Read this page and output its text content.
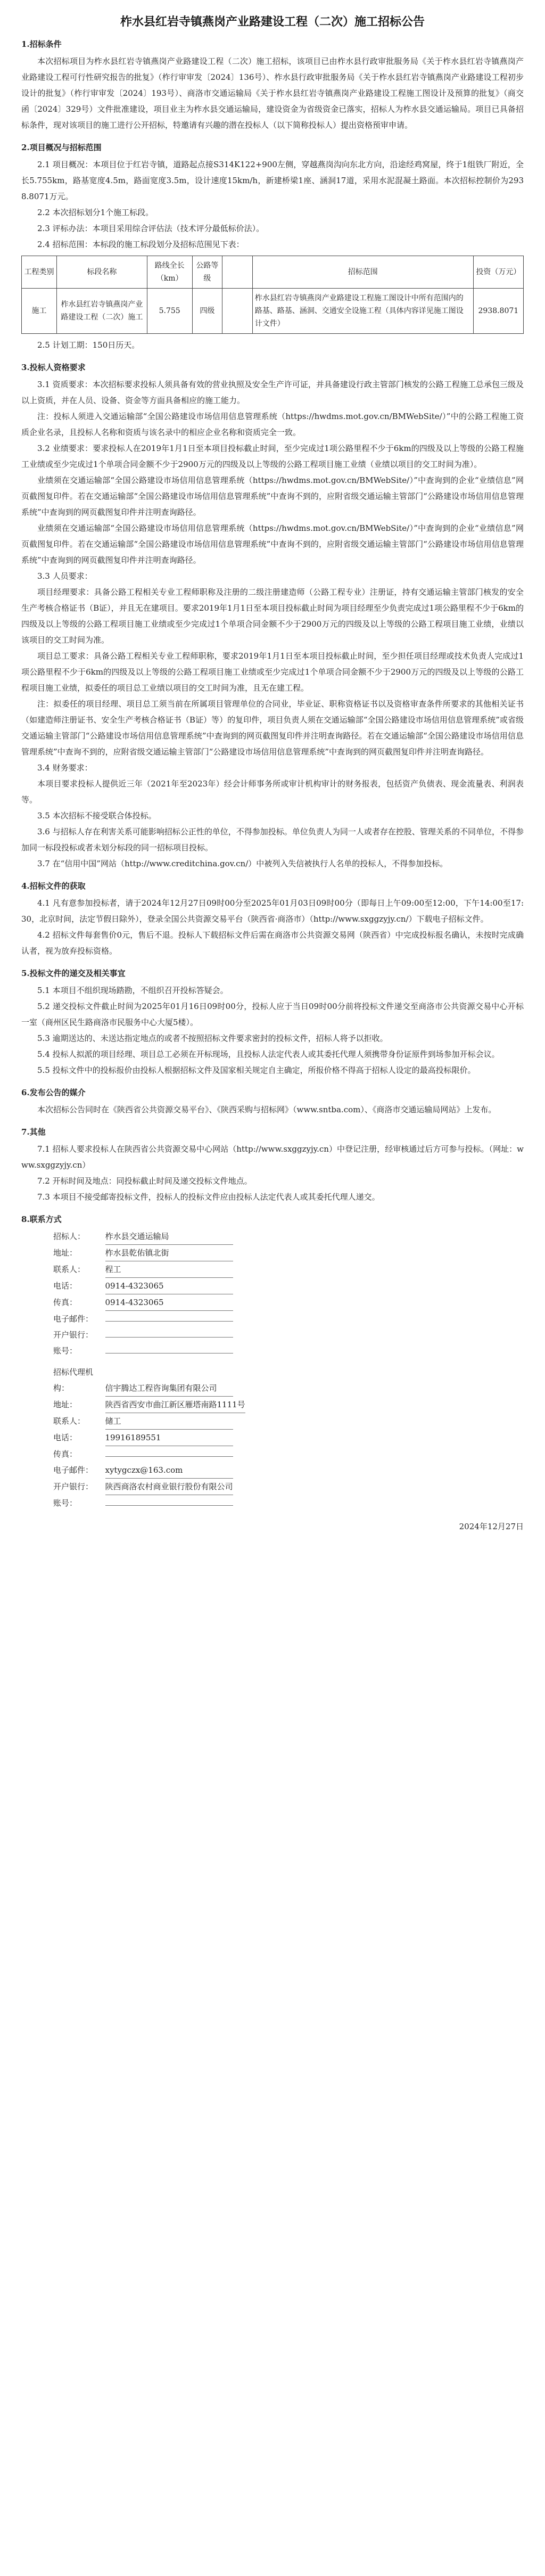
柞水县红岩寺镇燕岗产业路建设工程（二次）施工招标公告
1.招标条件

本次招标项目为柞水县红岩寺镇燕岗产业路建设工程（二次）施工招标，该项目已由柞水县行政审批服务局《关于柞水县红岩寺镇燕岗产业路建设工程可行性研究报告的批复》（柞行审审发〔2024〕136号）、柞水县行政审批服务局《关于柞水县红岩寺镇燕岗产业路建设工程初步设计的批复》（柞行审审发〔2024〕193号）、商洛市交通运输局《关于柞水县红岩寺镇燕岗产业路建设工程施工图设计及预算的批复》（商交函〔2024〕329号）文件批准建设，项目业主为柞水县交通运输局，建设资金为省级资金已落实，招标人为柞水县交通运输局。项目已具备招标条件，现对该项目的施工进行公开招标，特邀请有兴趣的潜在投标人（以下简称投标人）提出资格预审申请。

2.项目概况与招标范围

2.1 项目概况：本项目位于红岩寺镇，道路起点接S314K122+900左侧，穿越燕岗沟向东北方向，沿途经鸡窝屋，终于1组铁厂附近，全长5.755km，路基宽度4.5m，路面宽度3.5m，设计速度15km/h，新建桥梁1座、涵洞17道，采用水泥混凝土路面。本次招标控制价为2938.8071万元。

2.2 本次招标划分1个施工标段。

2.3 评标办法：本项目采用综合评估法（技术评分最低标价法）。

2.4 招标范围：本标段的施工标段划分及招标范围见下表：

工程类别	标段名称	路线全长（km）	公路等级		招标范围	投资（万元）
施工	柞水县红岩寺镇燕岗产业路建设工程（二次）施工	5.755	四级		柞水县红岩寺镇燕岗产业路建设工程施工图设计中所有范围内的路基、路基、涵洞、交通安全设施工程（具体内容详见施工图设计文件）	2938.8071

2.5 计划工期：150日历天。

3.投标人资格要求

3.1 资质要求：本次招标要求投标人须具备有效的营业执照及安全生产许可证，并具备建设行政主管部门核发的公路工程施工总承包三级及以上资质，并在人员、设备、资金等方面具备相应的施工能力。

注：投标人须进入交通运输部“全国公路建设市场信用信息管理系统（https://hwdms.mot.gov.cn/BMWebSite/）”中的公路工程施工资质企业名录，且投标人名称和资质与该名录中的相应企业名称和资质完全一致。

3.2 业绩要求：要求投标人在2019年1月1日至本项目投标截止时间，至少完成过1项公路里程不少于6km的四级及以上等级的公路工程施工业绩或至少完成过1个单项合同金额不少于2900万元的四级及以上等级的公路工程项目施工业绩（业绩以项目的交工时间为准）。

业绩须在交通运输部“全国公路建设市场信用信息管理系统（https://hwdms.mot.gov.cn/BMWebSite/）”中查询到的企业“业绩信息”网页截图复印件。若在交通运输部“全国公路建设市场信用信息管理系统”中查询不到的，应附省级交通运输主管部门“公路建设市场信用信息管理系统”中查询到的网页截图复印件并注明查询路径。

业绩须在交通运输部“全国公路建设市场信用信息管理系统（https://hwdms.mot.gov.cn/BMWebSite/）”中查询到的企业“业绩信息”网页截图复印件。若在交通运输部“全国公路建设市场信用信息管理系统”中查询不到的，应附省级交通运输主管部门“公路建设市场信用信息管理系统”中查询到的网页截图复印件并注明查询路径。

3.3 人员要求：

项目经理要求：具备公路工程相关专业工程师职称及注册的二级注册建造师（公路工程专业）注册证，持有交通运输主管部门核发的安全生产考核合格证书（B证），并且无在建项目。要求2019年1月1日至本项目投标截止时间为项目经理至少负责完成过1项公路里程不少于6km的四级及以上等级的公路工程项目施工业绩或至少完成过1个单项合同金额不少于2900万元的四级及以上等级的公路工程项目施工业绩，业绩以该项目的交工时间为准。

项目总工要求：具备公路工程相关专业工程师职称，要求2019年1月1日至本项目投标截止时间，至少担任项目经理或技术负责人完成过1项公路里程不少于6km的四级及以上等级的公路工程项目施工业绩或至少完成过1个单项合同金额不少于2900万元的四级及以上等级的公路工程项目施工业绩，拟委任的项目总工业绩以项目的交工时间为准，且无在建工程。

注：拟委任的项目经理、项目总工须当前在所属项目管理单位的合同业，毕业证、职称资格证书以及资格审查条件所要求的其他相关证书（如建造师注册证书、安全生产考核合格证书（B证）等）的复印件，项目负责人须在交通运输部“全国公路建设市场信用信息管理系统”或省级交通运输主管部门“公路建设市场信用信息管理系统”中查询到的网页截图复印件并注明查询路径。若在交通运输部“全国公路建设市场信用信息管理系统”中查询不到的，应附省级交通运输主管部门“公路建设市场信用信息管理系统”中查询到的网页截图复印件并注明查询路径。

3.4 财务要求：

本项目要求投标人提供近三年（2021年至2023年）经会计师事务所或审计机构审计的财务报表，包括资产负债表、现金流量表、利润表等。

3.5 本次招标不接受联合体投标。

3.6 与招标人存在利害关系可能影响招标公正性的单位，不得参加投标。单位负责人为同一人或者存在控股、管理关系的不同单位，不得参加同一标段投标或者未划分标段的同一招标项目投标。

3.7 在“信用中国”网站（http://www.creditchina.gov.cn/）中被列入失信被执行人名单的投标人，不得参加投标。

4.招标文件的获取

4.1 凡有意参加投标者，请于2024年12月27日09时00分至2025年01月03日09时00分（即每日上午09:00至12:00，下午14:00至17:30，北京时间，法定节假日除外），登录全国公共资源交易平台（陕西省·商洛市）（http://www.sxggzyjy.cn/）下载电子招标文件。

4.2 招标文件每套售价0元，售后不退。投标人下载招标文件后需在商洛市公共资源交易网（陕西省）中完成投标报名确认，未按时完成确认者，视为放弃投标资格。

5.投标文件的递交及相关事宜

5.1 本项目不组织现场踏勘，不组织召开投标答疑会。

5.2 递交投标文件截止时间为2025年01月16日09时00分，投标人应于当日09时00分前将投标文件递交至商洛市公共资源交易中心开标一室（商州区民生路商洛市民服务中心大厦5楼）。

5.3 逾期送达的、未送达指定地点的或者不按照招标文件要求密封的投标文件，招标人将予以拒收。

5.4 投标人拟派的项目经理、项目总工必须在开标现场，且投标人法定代表人或其委托代理人须携带身份证原件到场参加开标会议。

5.5 投标文件中的投标报价由投标人根据招标文件及国家相关规定自主确定，所报价格不得高于招标人设定的最高投标限价。

6.发布公告的媒介

本次招标公告同时在《陕西省公共资源交易平台》、《陕西采购与招标网》（www.sntba.com）、《商洛市交通运输局网站》上发布。

7.其他

7.1 招标人要求投标人在陕西省公共资源交易中心网站（http://www.sxggzyjy.cn）中登记注册，经审核通过后方可参与投标。（网址：www.sxggzyjy.cn）

7.2 开标时间及地点：同投标截止时间及递交投标文件地点。

7.3 本项目不接受邮寄投标文件，投标人的投标文件应由投标人法定代表人或其委托代理人递交。

8.联系方式

招标人： 柞水县交通运输局

地址：	柞水县乾佑镇北街

联系人： 程工

电话：	0914-4323065

传真：	0914-4323065

电子邮件：

开户银行：

账号：

招标代理机构：	信宇腾达工程咨询集团有限公司

地址：	陕西省西安市曲江新区雁塔南路1111号

联系人： 储工

电话：	19916189551

传真：

电子邮件： xytygczx@163.com

开户银行： 陕西商洛农村商业银行股份有限公司

账号：

2024年12月27日
